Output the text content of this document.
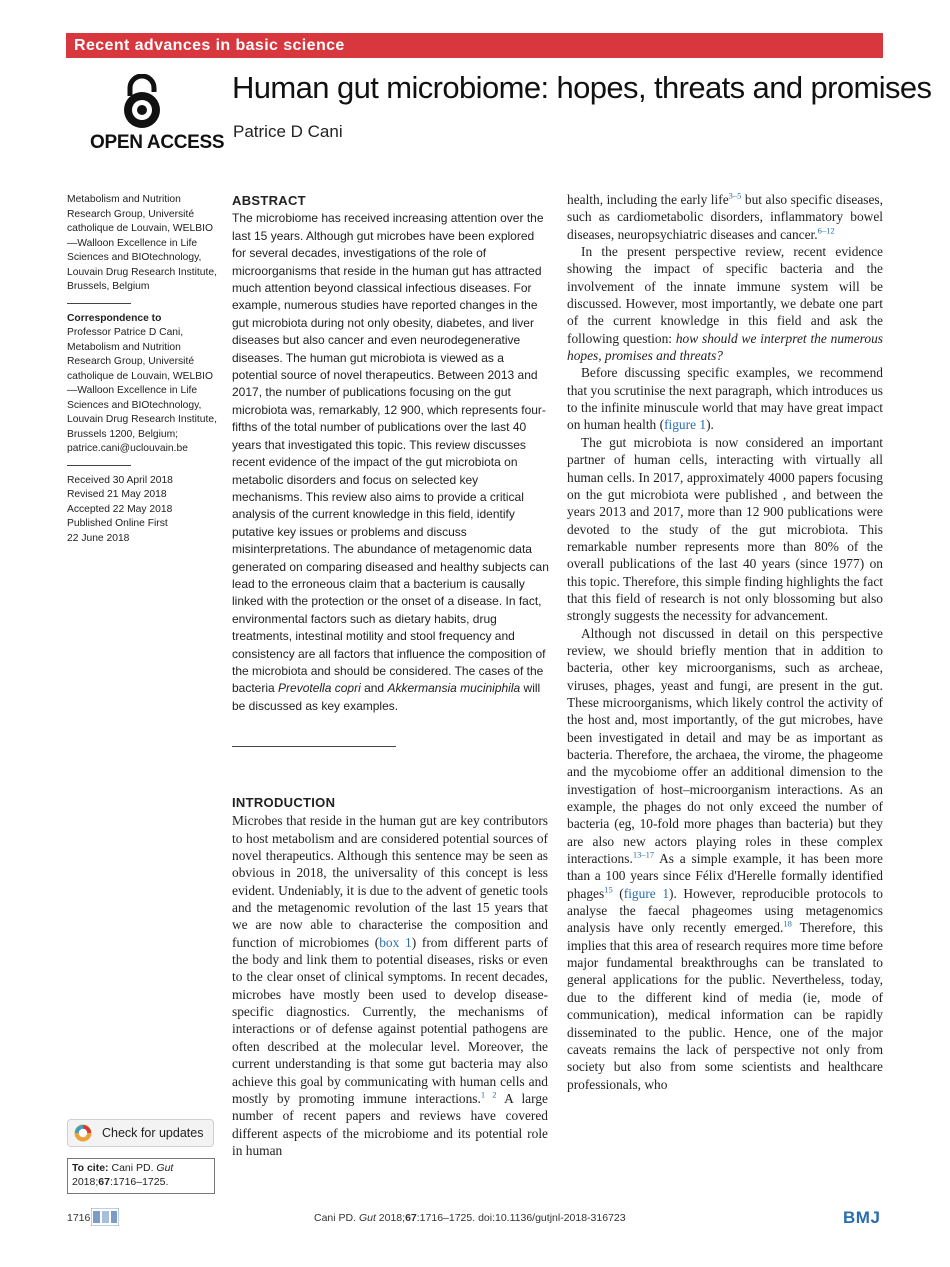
Recent advances in basic science
OPEN ACCESS
Human gut microbiome: hopes, threats and promises
Patrice D Cani
Metabolism and Nutrition Research Group, Université catholique de Louvain, WELBIO—Walloon Excellence in Life Sciences and BIOtechnology, Louvain Drug Research Institute, Brussels, Belgium
Correspondence to
Professor Patrice D Cani, Metabolism and Nutrition Research Group, Université catholique de Louvain, WELBIO—Walloon Excellence in Life Sciences and BIOtechnology, Louvain Drug Research Institute, Brussels 1200, Belgium; patrice.cani@uclouvain.be
Received 30 April 2018
Revised 21 May 2018
Accepted 22 May 2018
Published Online First
22 June 2018
Check for updates
To cite: Cani PD. Gut
2018;67:1716–1725.
ABSTRACT
The microbiome has received increasing attention over the last 15 years. Although gut microbes have been explored for several decades, investigations of the role of microorganisms that reside in the human gut has attracted much attention beyond classical infectious diseases. For example, numerous studies have reported changes in the gut microbiota during not only obesity, diabetes, and liver diseases but also cancer and even neurodegenerative diseases. The human gut microbiota is viewed as a potential source of novel therapeutics. Between 2013 and 2017, the number of publications focusing on the gut microbiota was, remarkably, 12 900, which represents four-fifths of the total number of publications over the last 40 years that investigated this topic. This review discusses recent evidence of the impact of the gut microbiota on metabolic disorders and focus on selected key mechanisms. This review also aims to provide a critical analysis of the current knowledge in this field, identify putative key issues or problems and discuss misinterpretations. The abundance of metagenomic data generated on comparing diseased and healthy subjects can lead to the erroneous claim that a bacterium is causally linked with the protection or the onset of a disease. In fact, environmental factors such as dietary habits, drug treatments, intestinal motility and stool frequency and consistency are all factors that influence the composition of the microbiota and should be considered. The cases of the bacteria Prevotella copri and Akkermansia muciniphila will be discussed as key examples.
INTRODUCTION

Microbes that reside in the human gut are key contributors to host metabolism and are considered potential sources of novel therapeutics. Although this sentence may be seen as obvious in 2018, the universality of this concept is less evident. Undeniably, it is due to the advent of genetic tools and the metagenomic revolution of the last 15 years that we are now able to characterise the composition and function of microbiomes (box 1) from different parts of the body and link them to potential diseases, risks or even to the clear onset of clinical symptoms. In recent decades, microbes have mostly been used to develop disease-specific diagnostics. Currently, the mechanisms of interactions or of defense against potential pathogens are often described at the molecular level. Moreover, the current understanding is that some gut bacteria may also achieve this goal by communicating with human cells and mostly by promoting immune interactions.$^{1 2}$ A large number of recent papers and reviews have covered different aspects of the microbiome and its potential role in human

health, including the early life$^{3-5}$ but also specific diseases, such as cardiometabolic disorders, inflammatory bowel diseases, neuropsychiatric diseases and cancer.$^{6-12}$

In the present perspective review, recent evidence showing the impact of specific bacteria and the involvement of the innate immune system will be discussed. However, most importantly, we debate one part of the current knowledge in this field and ask the following question: how should we interpret the numerous hopes, promises and threats?

Before discussing specific examples, we recommend that you scrutinise the next paragraph, which introduces us to the infinite minuscule world that may have great impact on human health (figure 1).

The gut microbiota is now considered an important partner of human cells, interacting with virtually all human cells. In 2017, approximately 4000 papers focusing on the gut microbiota were published , and between the years 2013 and 2017, more than 12 900 publications were devoted to the study of the gut microbiota. This remarkable number represents more than 80% of the overall publications of the last 40 years (since 1977) on this topic. Therefore, this simple finding highlights the fact that this field of research is not only blossoming but also strongly suggests the necessity for advancement.

Although not discussed in detail on this perspective review, we should briefly mention that in addition to bacteria, other key microorganisms, such as archeae, viruses, phages, yeast and fungi, are present in the gut. These microorganisms, which likely control the activity of the host and, most importantly, of the gut microbes, have been investigated in detail and may be as important as bacteria. Therefore, the archaea, the virome, the phageome and the mycobiome offer an additional dimension to the investigation of host–microorganism interactions. As an example, the phages do not only exceed the number of bacteria (eg, 10-fold more phages than bacteria) but they are also new actors playing roles in these complex interactions.$^{13-17}$ As a simple example, it has been more than a 100 years since Félix d'Herelle formally identified phages$^{15}$ (figure 1). However, reproducible protocols to analyse the faecal phageomes using metagenomics analysis have only recently emerged.$^{18}$ Therefore, this implies that this area of research requires more time before major fundamental breakthroughs can be translated to general applications for the public. Nevertheless, today, due to the different kind of media (ie, mode of communication), medical information can be rapidly disseminated to the public. Hence, one of the major caveats remains the lack of perspective not only from society but also from some scientists and healthcare professionals, who

1716	Cani PD. Gut 2018;67:1716–1725. doi:10.1136/gutjnl-2018-316723	BMJ
